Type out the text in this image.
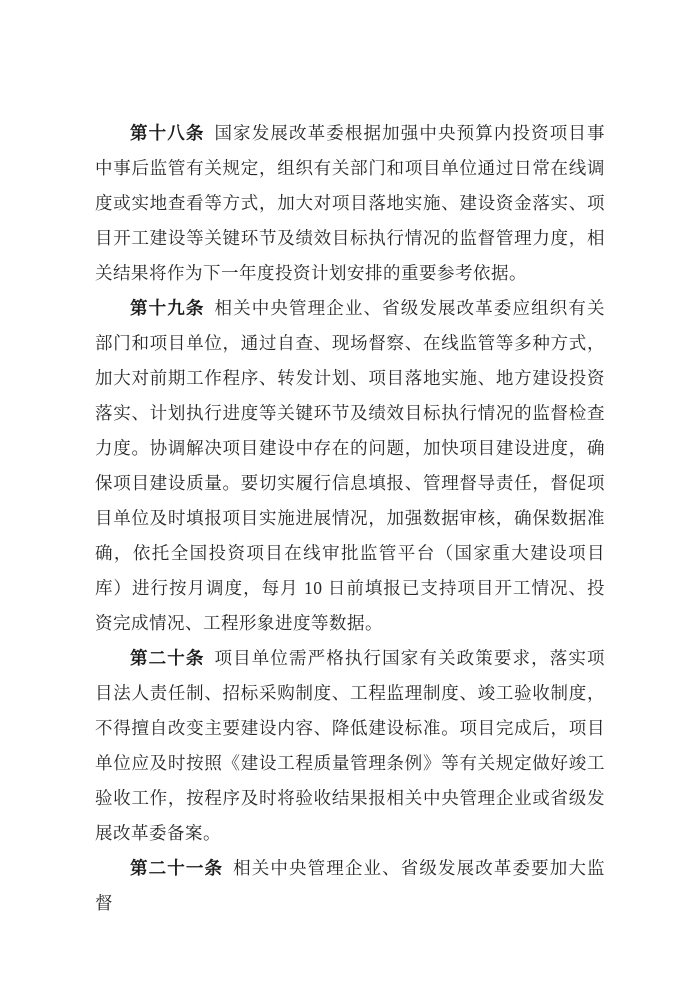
第十八条 国家发展改革委根据加强中央预算内投资项目事中事后监管有关规定，组织有关部门和项目单位通过日常在线调度或实地查看等方式，加大对项目落地实施、建设资金落实、项目开工建设等关键环节及绩效目标执行情况的监督管理力度，相关结果将作为下一年度投资计划安排的重要参考依据。

第十九条 相关中央管理企业、省级发展改革委应组织有关部门和项目单位，通过自查、现场督察、在线监管等多种方式，加大对前期工作程序、转发计划、项目落地实施、地方建设投资落实、计划执行进度等关键环节及绩效目标执行情况的监督检查力度。协调解决项目建设中存在的问题，加快项目建设进度，确保项目建设质量。要切实履行信息填报、管理督导责任，督促项目单位及时填报项目实施进展情况，加强数据审核，确保数据准确，依托全国投资项目在线审批监管平台（国家重大建设项目库）进行按月调度，每月 10 日前填报已支持项目开工情况、投资完成情况、工程形象进度等数据。

第二十条 项目单位需严格执行国家有关政策要求，落实项目法人责任制、招标采购制度、工程监理制度、竣工验收制度，不得擅自改变主要建设内容、降低建设标准。项目完成后，项目单位应及时按照《建设工程质量管理条例》等有关规定做好竣工验收工作，按程序及时将验收结果报相关中央管理企业或省级发展改革委备案。

第二十一条 相关中央管理企业、省级发展改革委要加大监督
